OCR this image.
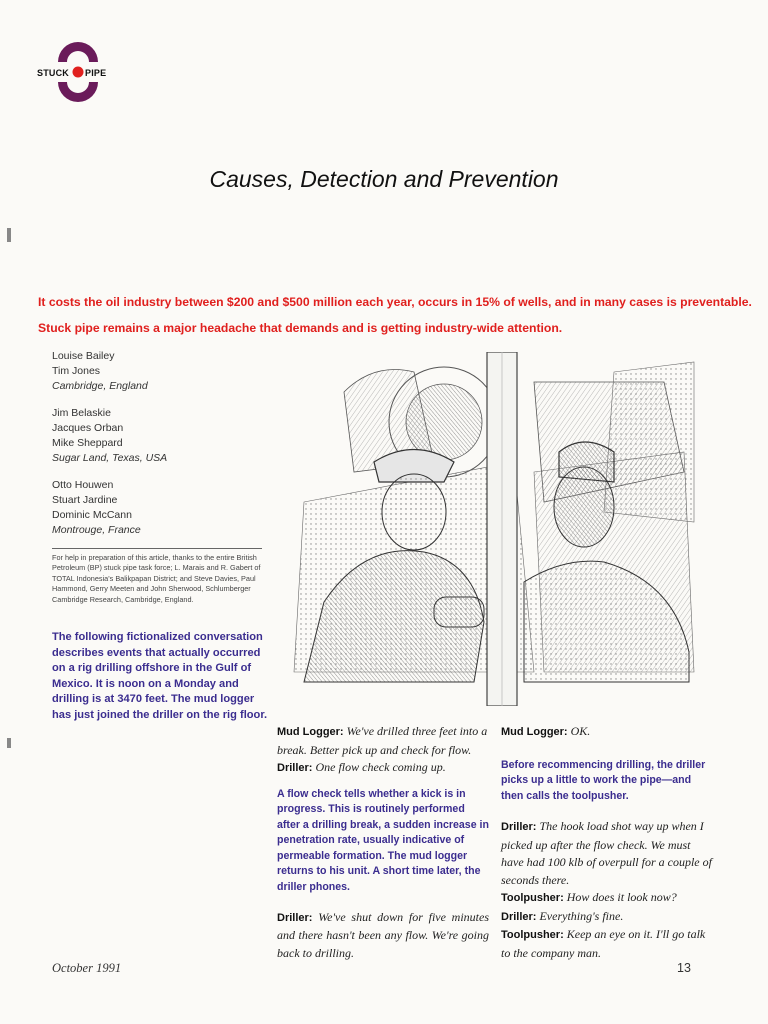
STUCK PIPE
Causes, Detection and Prevention
It costs the oil industry between $200 and $500 million each year, occurs in 15% of wells, and in many cases is preventable. Stuck pipe remains a major headache that demands and is getting industry-wide attention.
Louise Bailey
Tim Jones
Cambridge, England
Jim Belaskie
Jacques Orban
Mike Sheppard
Sugar Land, Texas, USA
Otto Houwen
Stuart Jardine
Dominic McCann
Montrouge, France
For help in preparation of this article, thanks to the entire British Petroleum (BP) stuck pipe task force; L. Marais and R. Gabert of TOTAL Indonesia's Balikpapan District; and Steve Davies, Paul Hammond, Gerry Meeten and John Sherwood, Schlumberger Cambridge Research, Cambridge, England.
The following fictionalized conversation describes events that actually occurred on a rig drilling offshore in the Gulf of Mexico. It is noon on a Monday and drilling is at 3470 feet. The mud logger has just joined the driller on the rig floor.
Mud Logger: We've drilled three feet into a break. Better pick up and check for flow.
Driller: One flow check coming up.
A flow check tells whether a kick is in progress. This is routinely performed after a drilling break, a sudden increase in penetration rate, usually indicative of permeable formation. The mud logger returns to his unit. A short time later, the driller phones.
Driller: We've shut down for five minutes and there hasn't been any flow. We're going back to drilling.
Mud Logger: OK.
Before recommencing drilling, the driller picks up a little to work the pipe—and then calls the toolpusher.
Driller: The hook load shot way up when I picked up after the flow check. We must have had 100 klb of overpull for a couple of seconds there.
Toolpusher: How does it look now?
Driller: Everything's fine.
Toolpusher: Keep an eye on it. I'll go talk to the company man.
October 1991	13
